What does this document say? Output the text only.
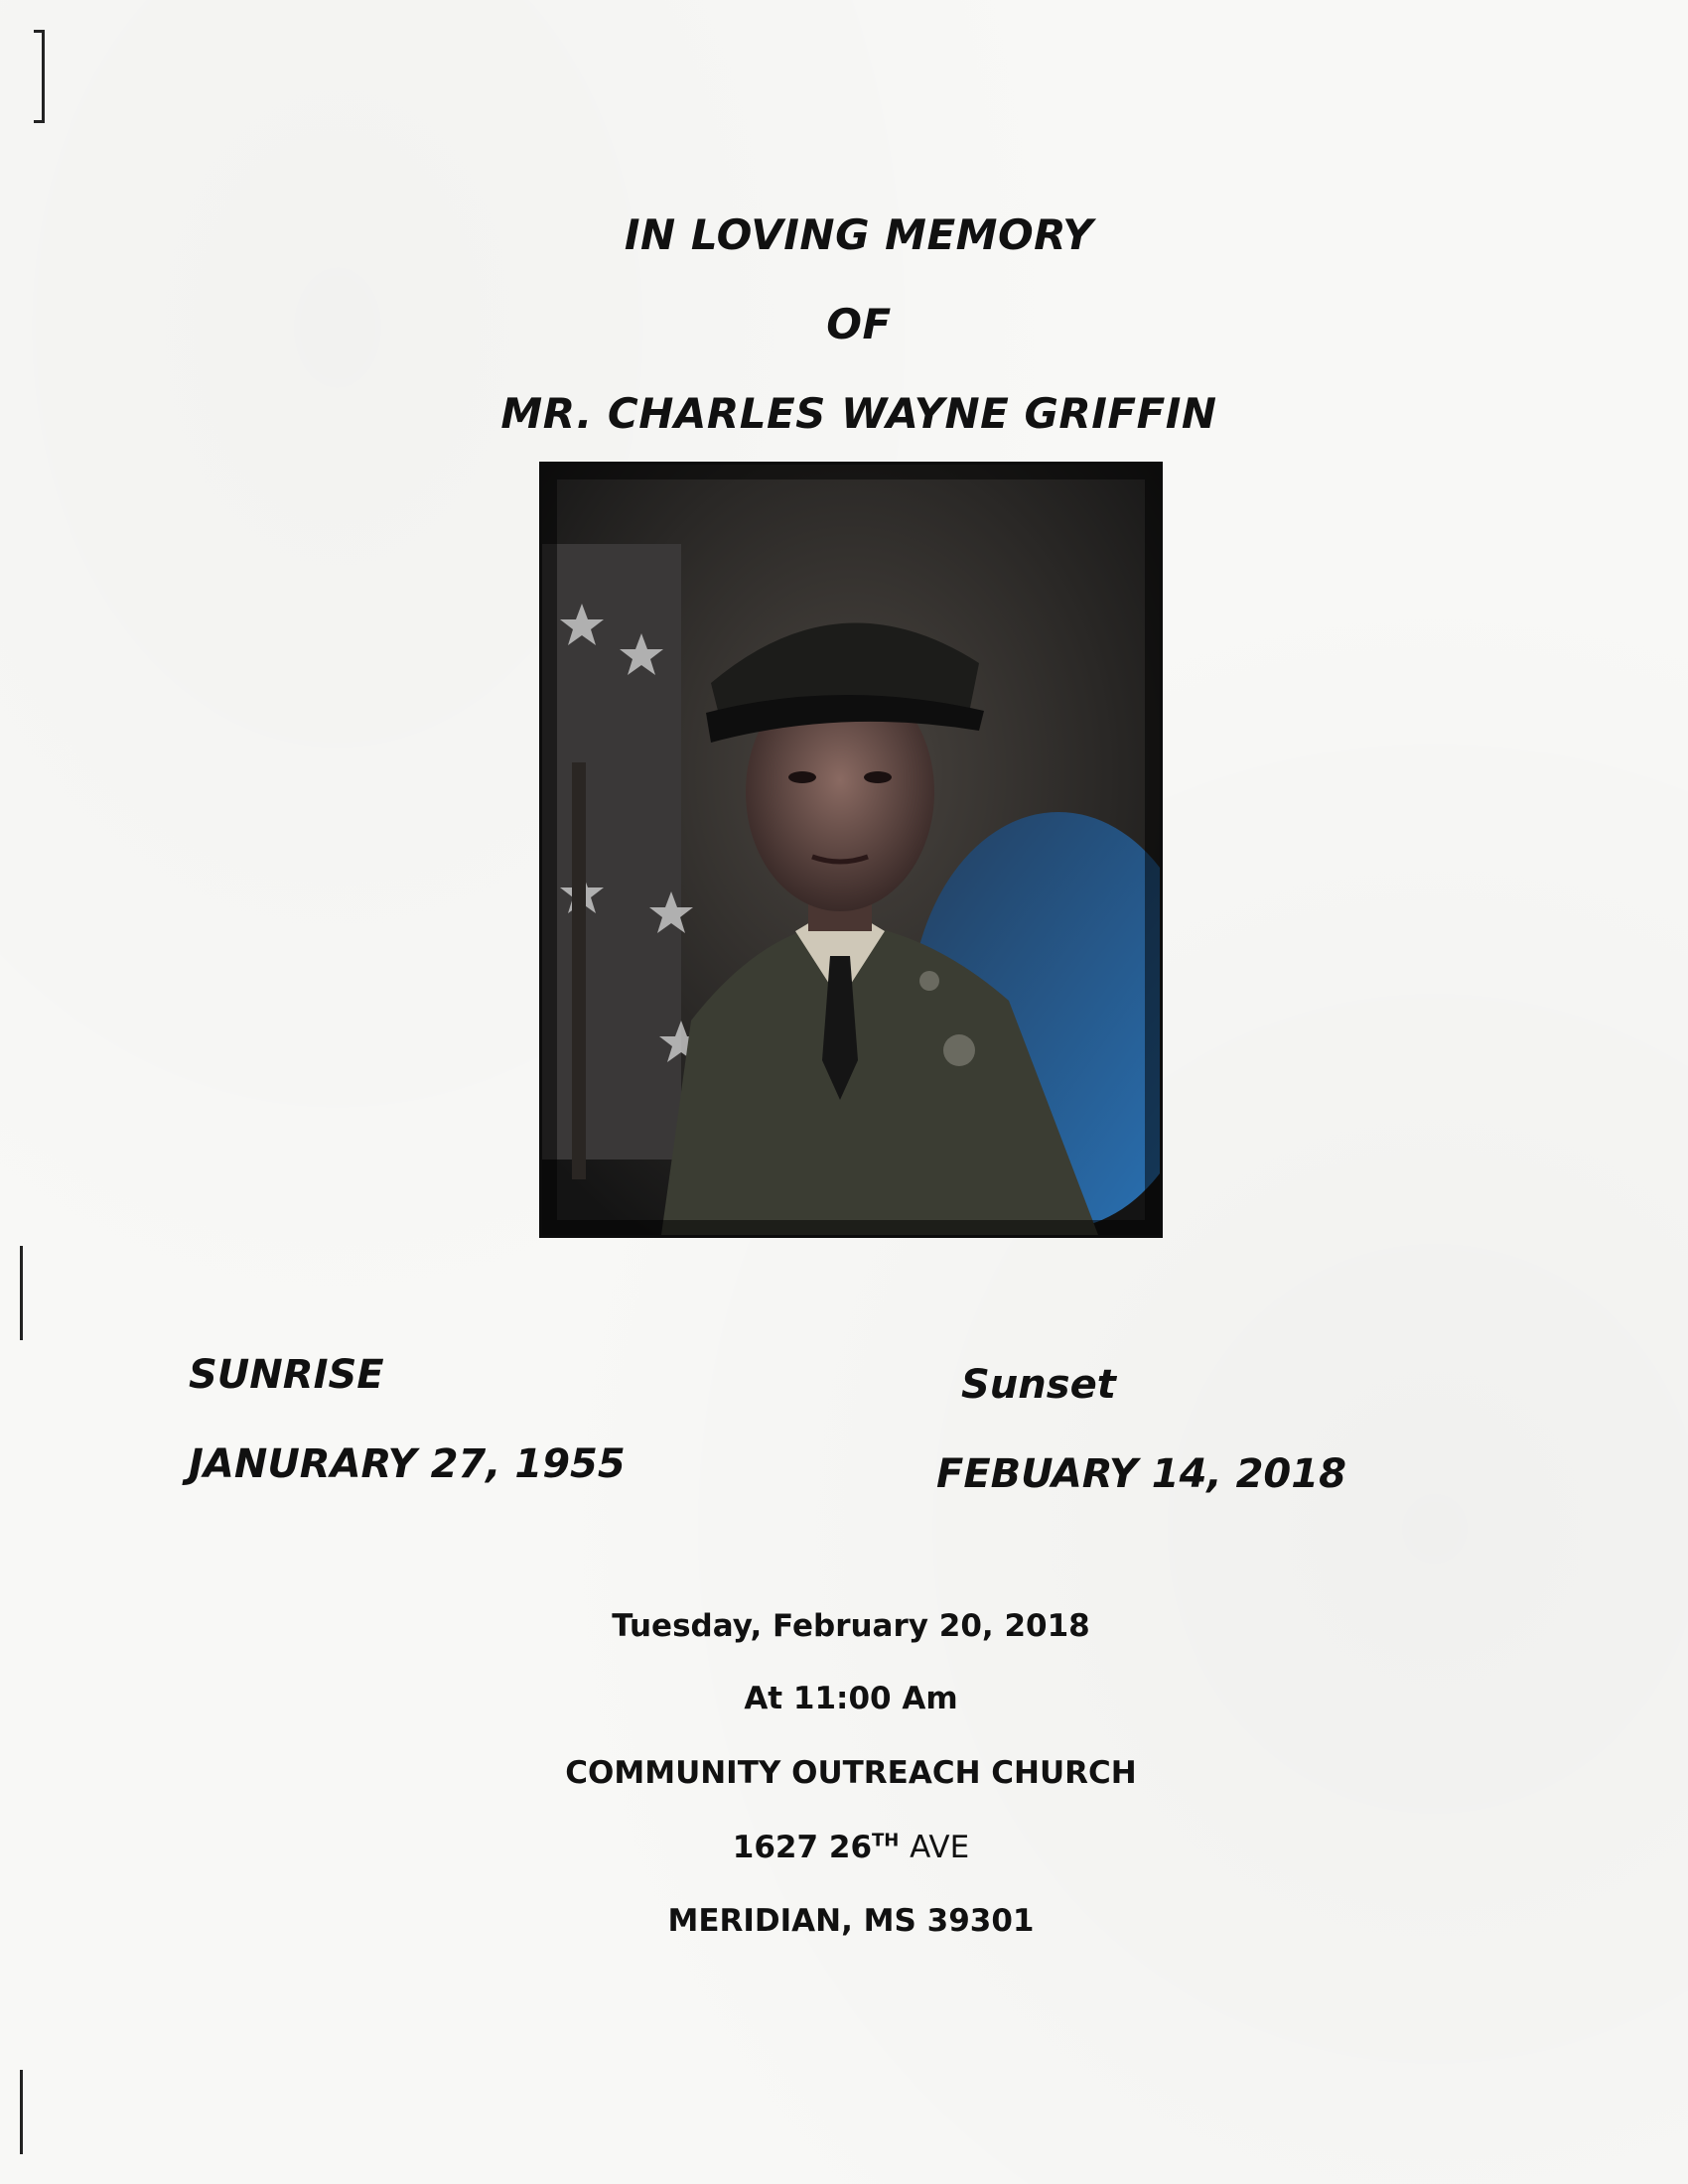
IN LOVING MEMORY
OF
MR. CHARLES WAYNE GRIFFIN
SUNRISE
JANURARY 27, 1955
Sunset
FEBUARY 14, 2018
Tuesday, February 20, 2018
At 11:00 Am
COMMUNITY OUTREACH CHURCH
1627 26TH AVE
MERIDIAN, MS 39301
